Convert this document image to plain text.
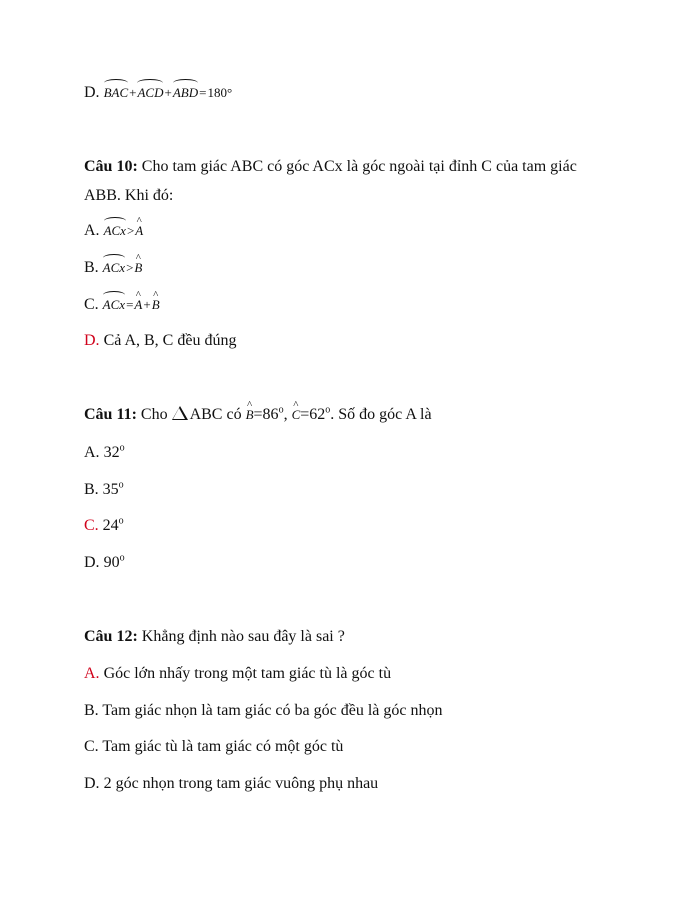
D. BAC+ACD+ABD=180°
Câu 10: Cho tam giác ABC có góc ACx là góc ngoài tại đỉnh C của tam giác
ABB. Khi đó:
A. ACx>^ A
B. ACx>^ B
C. ACx=^ A+^ B
D. Cả A, B, C đều đúng
Câu 11: Cho ABC có ^ $B=86^o$, ^ $C=62^o$. Số đo góc A là
A. 32$^o$
B. 35$^o$
C. 24$^o$
D. 90$^o$
Câu 12: Khẳng định nào sau đây là sai ?
A. Góc lớn nhấy trong một tam giác tù là góc tù
B. Tam giác nhọn là tam giác có ba góc đều là góc nhọn
C. Tam giác tù là tam giác có một góc tù
D. 2 góc nhọn trong tam giác vuông phụ nhau
